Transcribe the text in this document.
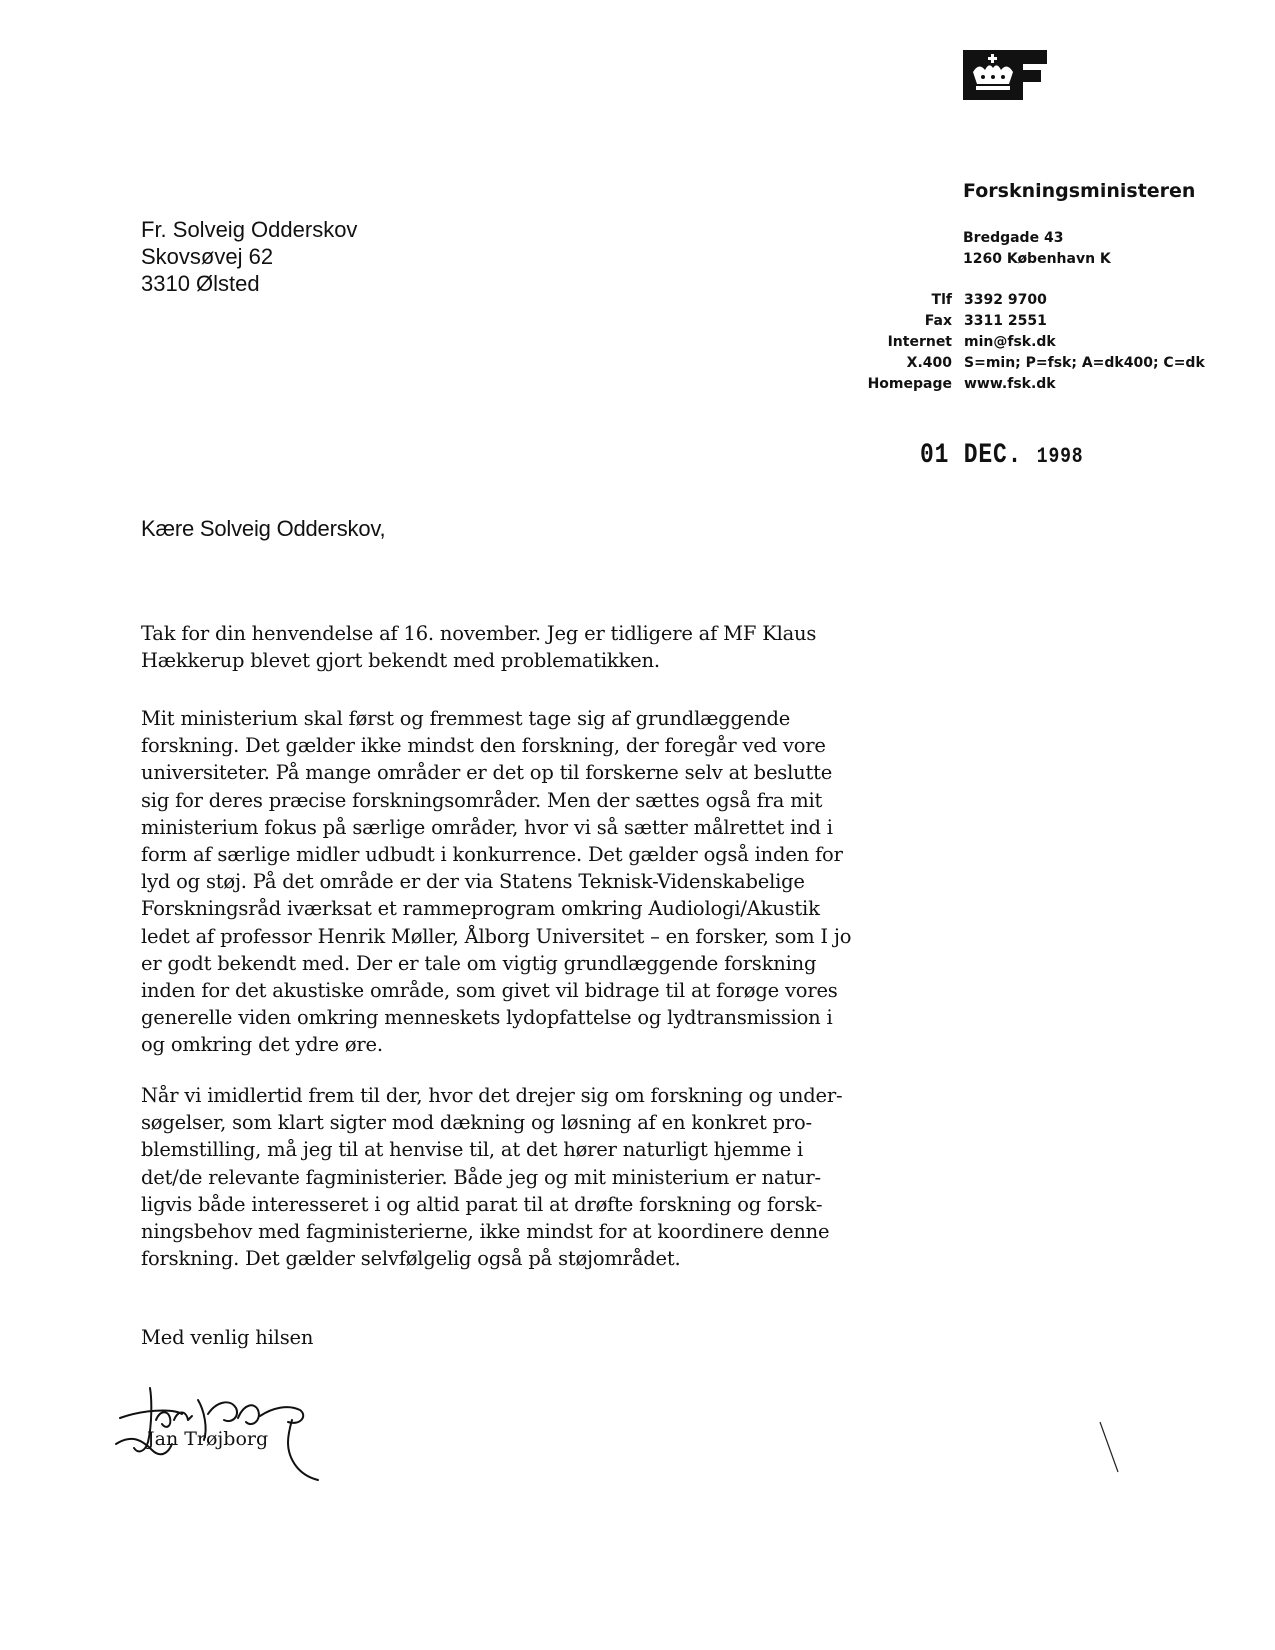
Forskningsministeren
Bredgade 43
1260 København K
Tlf 3392 9700
Fax 3311 2551
Internet min@fsk.dk
X.400 S=min; P=fsk; A=dk400; C=dk
Homepage www.fsk.dk
01 DEC. 1998
Fr. Solveig Odderskov
Skovsøvej 62
3310 Ølsted
Kære Solveig Odderskov,
Tak for din henvendelse af 16. november. Jeg er tidligere af MF Klaus
Hækkerup blevet gjort bekendt med problematikken.
Mit ministerium skal først og fremmest tage sig af grundlæggende
forskning. Det gælder ikke mindst den forskning, der foregår ved vore
universiteter. På mange områder er det op til forskerne selv at beslutte
sig for deres præcise forskningsområder. Men der sættes også fra mit
ministerium fokus på særlige områder, hvor vi så sætter målrettet ind i
form af særlige midler udbudt i konkurrence. Det gælder også inden for
lyd og støj. På det område er der via Statens Teknisk-Videnskabelige
Forskningsråd iværksat et rammeprogram omkring Audiologi/Akustik
ledet af professor Henrik Møller, Ålborg Universitet – en forsker, som I jo
er godt bekendt med. Der er tale om vigtig grundlæggende forskning
inden for det akustiske område, som givet vil bidrage til at forøge vores
generelle viden omkring menneskets lydopfattelse og lydtransmission i
og omkring det ydre øre.
Når vi imidlertid frem til der, hvor det drejer sig om forskning og under-
søgelser, som klart sigter mod dækning og løsning af en konkret pro-
blemstilling, må jeg til at henvise til, at det hører naturligt hjemme i
det/de relevante fagministerier. Både jeg og mit ministerium er natur-
ligvis både interesseret i og altid parat til at drøfte forskning og forsk-
ningsbehov med fagministerierne, ikke mindst for at koordinere denne
forskning. Det gælder selvfølgelig også på støjområdet.
Med venlig hilsen
Jan Trøjborg
